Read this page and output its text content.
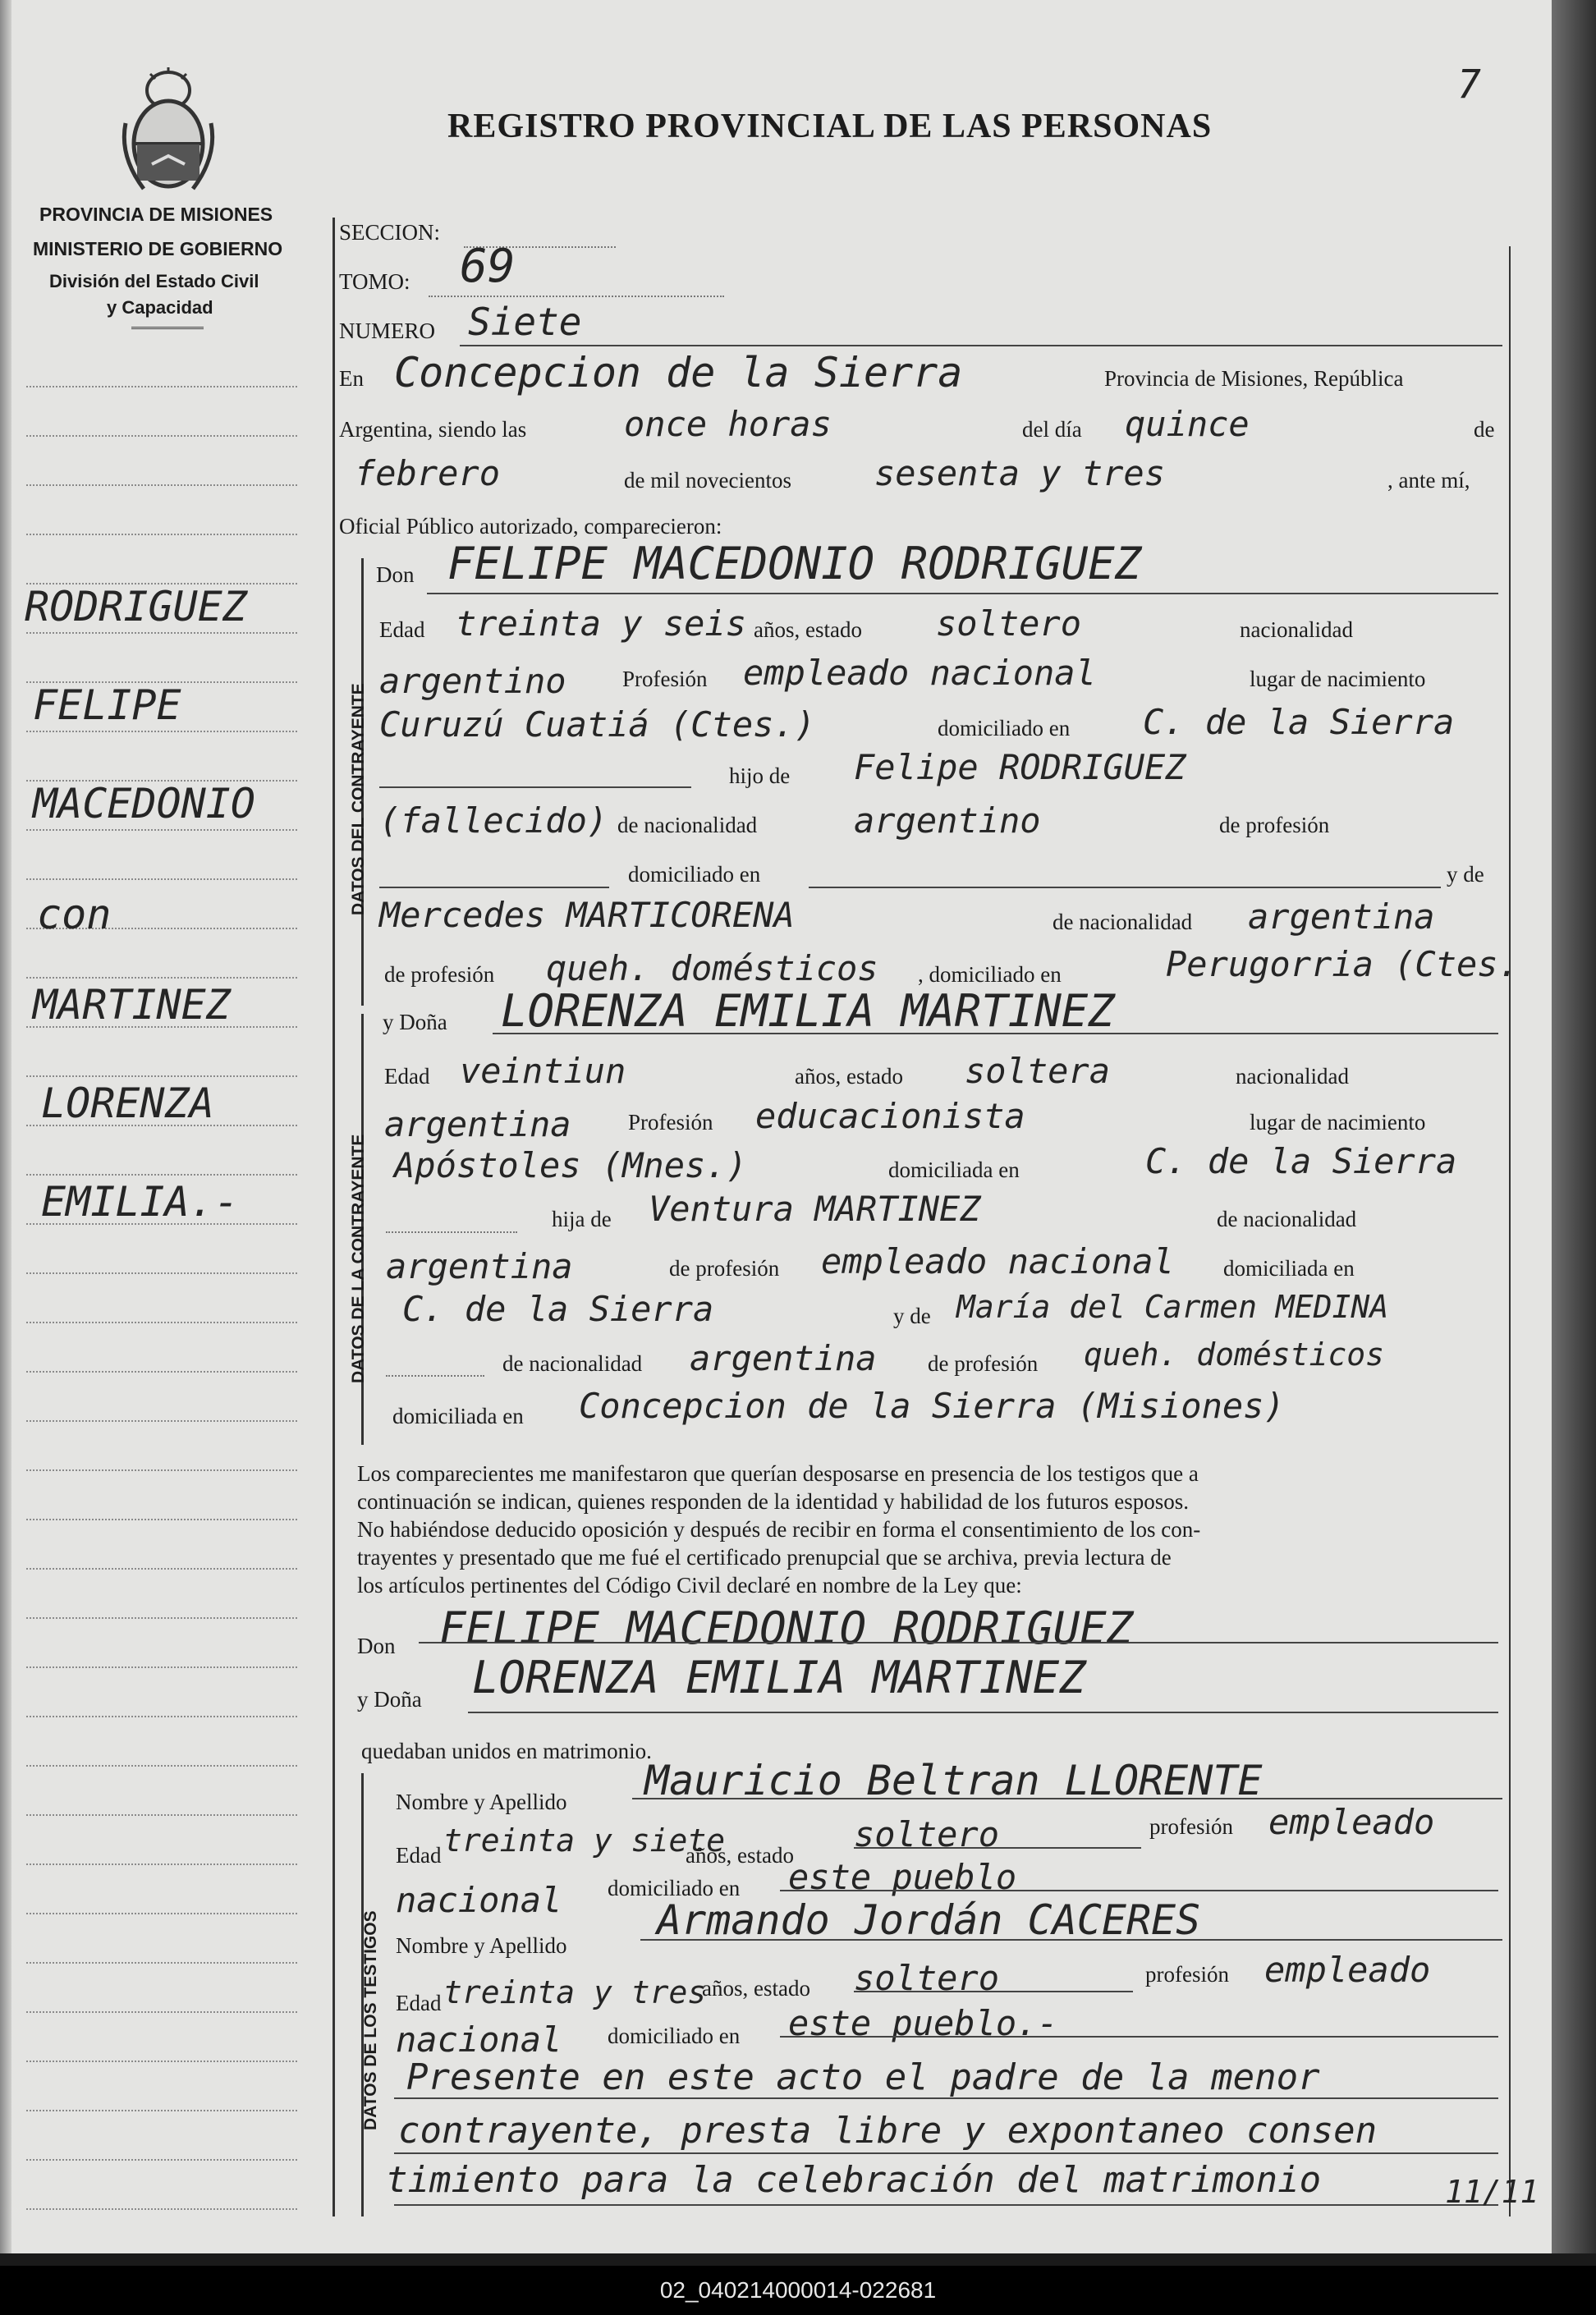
7
PROVINCIA DE MISIONES
MINISTERIO DE GOBIERNO
División del Estado Civil
y Capacidad
REGISTRO PROVINCIAL DE LAS PERSONAS
RODRIGUEZ
FELIPE
MACEDONIO
con
MARTINEZ
LORENZA
EMILIA.-
SECCION:
TOMO: 69
NUMERO Siete
En Concepcion de la Sierra	Provincia de Misiones, República
Argentina, siendo las	once horas	del día quince	de
febrero	de mil novecientos sesenta y tres	, ante mí,
Oficial Público autorizado, comparecieron:
DATOS DEL CONTRAYENTE
Don FELIPE MACEDONIO RODRIGUEZ
Edad treinta y seis años, estado soltero	nacionalidad
argentino	Profesión empleado nacional	lugar de nacimiento
Curuzú Cuatiá (Ctes.)	domiciliado en C. de la Sierra
hijo de Felipe RODRIGUEZ
(fallecido) de nacionalidad	argentino	de profesión
domiciliado en	y de
Mercedes MARTICORENA	de nacionalidad argentina
de profesión queh. domésticos , domiciliado en	Perugorria (Ctes.
DATOS DE LA CONTRAYENTE
y Doña LORENZA EMILIA MARTINEZ
Edad veintiun	años, estado soltera	nacionalidad
argentina	Profesión educacionista	lugar de nacimiento
Apóstoles (Mnes.)	domiciliada en	C. de la Sierra
hija de Ventura MARTINEZ	de nacionalidad
argentina	de profesión empleado nacional domiciliada en
C. de la Sierra	y de María del Carmen MEDINA
de nacionalidad argentina de profesión queh. domésticos
domiciliada en Concepcion de la Sierra (Misiones)
Los comparecientes me manifestaron que querían desposarse en presencia de los testigos que a
continuación se indican, quienes responden de la identidad y habilidad de los futuros esposos.
No habiéndose deducido oposición y después de recibir en forma el consentimiento de los con-
trayentes y presentado que me fué el certificado prenupcial que se archiva, previa lectura de
los artículos pertinentes del Código Civil declaré en nombre de la Ley que:
Don FELIPE MACEDONIO RODRIGUEZ
y Doña LORENZA EMILIA MARTINEZ
quedaban unidos en matrimonio.
DATOS DE LOS TESTIGOS
Nombre y Apellido Mauricio Beltran LLORENTE
Edad treinta y siete
años, estado
soltero	profesión empleado
nacional domiciliado en este pueblo
Nombre y Apellido
Armando Jordán CACERES
Edad treinta y tres
años, estado soltero	profesión empleado
nacional domiciliado en este pueblo.-
Presente en este acto el padre de la menor
contrayente, presta libre y expontaneo consen
timiento para la celebración del matrimonio	11/11
02_040214000014-022681
